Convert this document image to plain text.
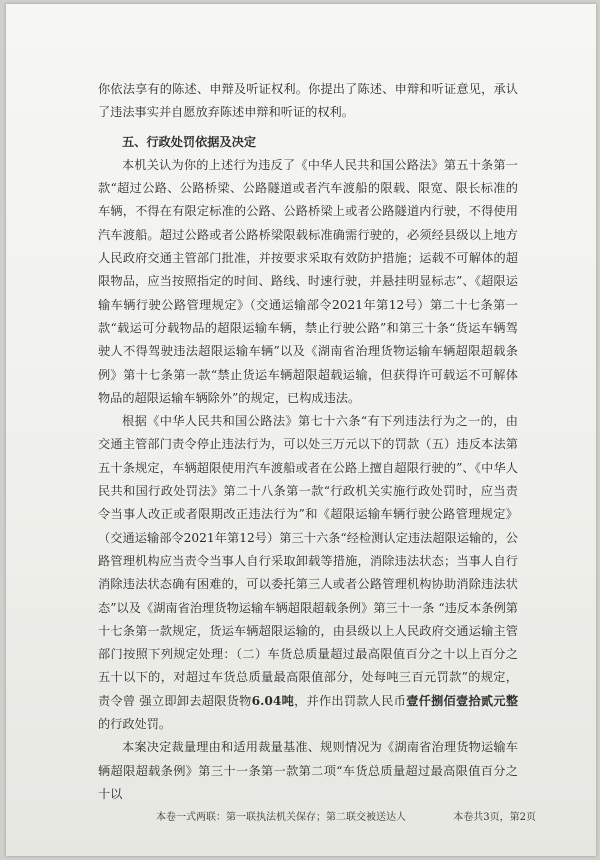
你依法享有的陈述、申辩及听证权利。你提出了陈述、申辩和听证意见，承认了违法事实并自愿放弃陈述申辩和听证的权利。

五、行政处罚依据及决定

本机关认为你的上述行为违反了《中华人民共和国公路法》第五十条第一款“超过公路、公路桥梁、公路隧道或者汽车渡船的限载、限宽、限长标准的车辆，不得在有限定标准的公路、公路桥梁上或者公路隧道内行驶，不得使用汽车渡船。超过公路或者公路桥梁限载标准确需行驶的，必须经县级以上地方人民政府交通主管部门批准，并按要求采取有效防护措施；运载不可解体的超限物品，应当按照指定的时间、路线、时速行驶，并悬挂明显标志”、《超限运输车辆行驶公路管理规定》（交通运输部令2021年第12号）第二十七条第一款“载运可分载物品的超限运输车辆，禁止行驶公路”和第三十条“货运车辆驾驶人不得驾驶违法超限运输车辆”以及《湖南省治理货物运输车辆超限超载条例》第十七条第一款“禁止货运车辆超限超载运输，但获得许可载运不可解体物品的超限运输车辆除外”的规定，已构成违法。

根据《中华人民共和国公路法》第七十六条“有下列违法行为之一的，由交通主管部门责令停止违法行为，可以处三万元以下的罚款（五）违反本法第五十条规定，车辆超限使用汽车渡船或者在公路上擅自超限行驶的”、《中华人民共和国行政处罚法》第二十八条第一款“行政机关实施行政处罚时，应当责令当事人改正或者限期改正违法行为”和《超限运输车辆行驶公路管理规定》（交通运输部令2021年第12号）第三十六条“经检测认定违法超限运输的，公路管理机构应当责令当事人自行采取卸载等措施，消除违法状态；当事人自行消除违法状态确有困难的，可以委托第三人或者公路管理机构协助消除违法状态”以及《湖南省治理货物运输车辆超限超载条例》第三十一条 “违反本条例第十七条第一款规定，货运车辆超限运输的，由县级以上人民政府交通运输主管部门按照下列规定处理：（二）车货总质量超过最高限值百分之十以上百分之五十以下的，对超过车货总质量最高限值部分，处每吨三百元罚款”的规定，责令曾 强立即卸去超限货物6.04吨，并作出罚款人民币壹仟捌佰壹拾贰元整的行政处罚。

本案决定裁量理由和适用裁量基准、规则情况为《湖南省治理货物运输车辆超限超载条例》第三十一条第一款第二项“车货总质量超过最高限值百分之十以

本卷一式两联：第一联执法机关保存；第二联交被送达人	本卷共3页，第2页
